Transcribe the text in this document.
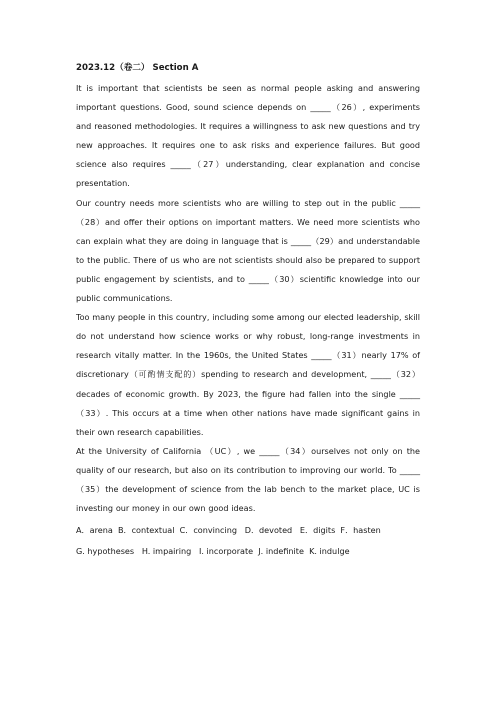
2023.12（卷二） Section A

It is important that scientists be seen as normal people asking and answering important questions. Good, sound science depends on _____（26）, experiments and reasoned methodologies. It requires a willingness to ask new questions and try new approaches. It requires one to ask risks and experience failures. But good science also requires _____（27）understanding, clear explanation and concise presentation.

Our country needs more scientists who are willing to step out in the public _____（28）and offer their options on important matters. We need more scientists who can explain what they are doing in language that is _____（29）and understandable to the public. There of us who are not scientists should also be prepared to support public engagement by scientists, and to _____（30）scientific knowledge into our public communications.

Too many people in this country, including some among our elected leadership, skill do not understand how science works or why robust, long-range investments in research vitally matter. In the 1960s, the United States _____（31）nearly 17% of discretionary（可酌情支配的）spending to research and development, _____（32）decades of economic growth. By 2023, the figure had fallen into the single _____（33）. This occurs at a time when other nations have made significant gains in their own research capabilities.

At the University of California （UC）, we _____（34）ourselves not only on the quality of our research, but also on its contribution to improving our world. To _____（35）the development of science from the lab bench to the market place, UC is investing our money in our own good ideas.

A．arena  B．contextual  C．convincing   D．devoted   E．digits  F．hasten
G. hypotheses   H. impairing   I. incorporate  J. indefinite  K. indulge
